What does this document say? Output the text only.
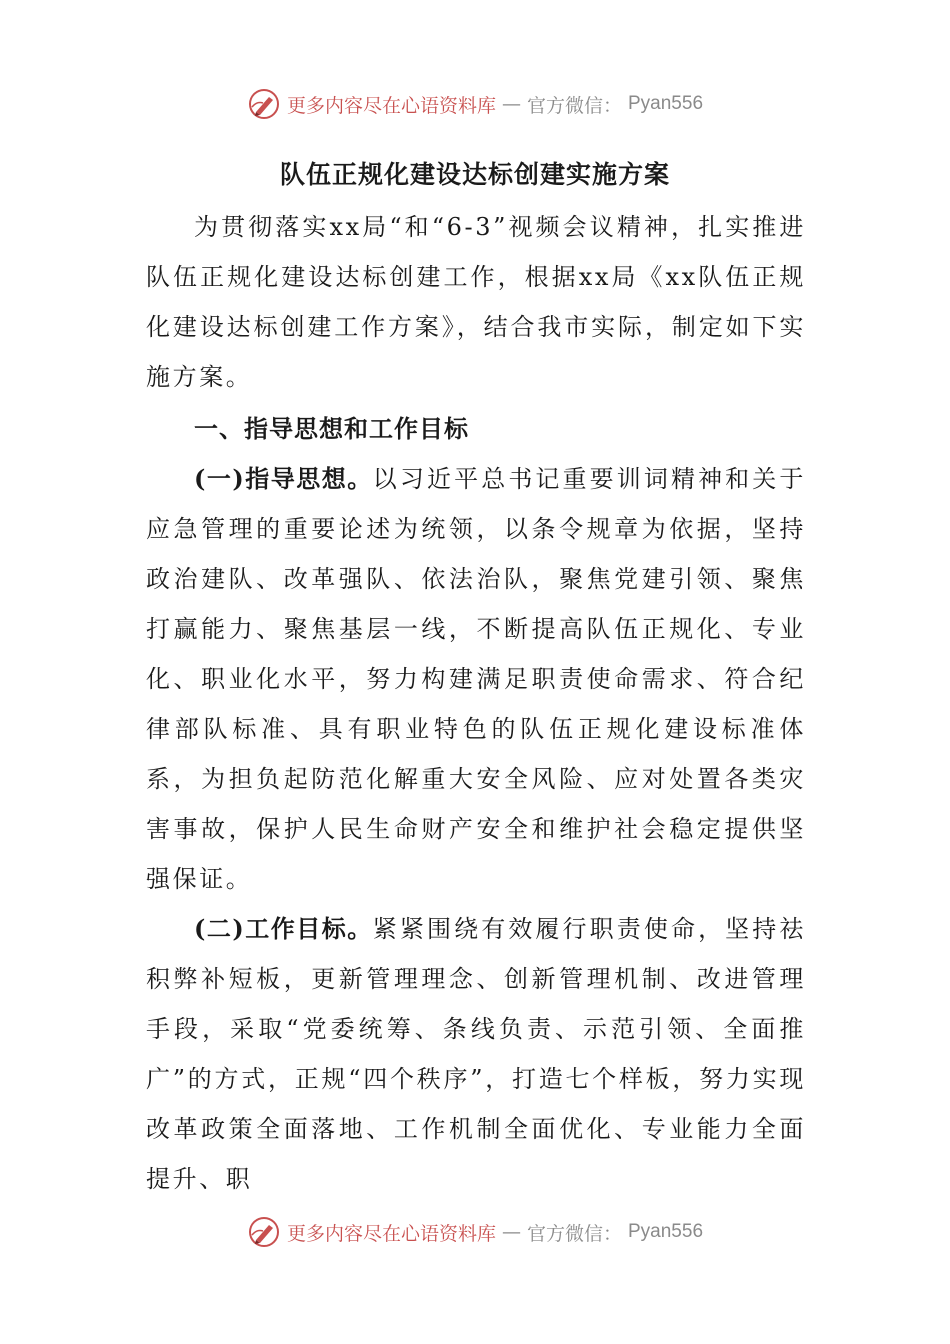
更多内容尽在心语资料库 — 官方微信： Pyan556
队伍正规化建设达标创建实施方案

为贯彻落实xx局“和“6-3”视频会议精神，扎实推进队伍正规化建设达标创建工作，根据xx局《xx队伍正规化建设达标创建工作方案》，结合我市实际，制定如下实施方案。

一、指导思想和工作目标

(一)指导思想。以习近平总书记重要训词精神和关于应急管理的重要论述为统领，以条令规章为依据，坚持政治建队、改革强队、依法治队，聚焦党建引领、聚焦打赢能力、聚焦基层一线，不断提高队伍正规化、专业化、职业化水平，努力构建满足职责使命需求、符合纪律部队标准、具有职业特色的队伍正规化建设标准体系，为担负起防范化解重大安全风险、应对处置各类灾害事故，保护人民生命财产安全和维护社会稳定提供坚强保证。

(二)工作目标。紧紧围绕有效履行职责使命，坚持祛积弊补短板，更新管理理念、创新管理机制、改进管理手段，采取“党委统筹、条线负责、示范引领、全面推广”的方式，正规“四个秩序”，打造七个样板，努力实现改革政策全面落地、工作机制全面优化、专业能力全面提升、职

更多内容尽在心语资料库 — 官方微信： Pyan556
